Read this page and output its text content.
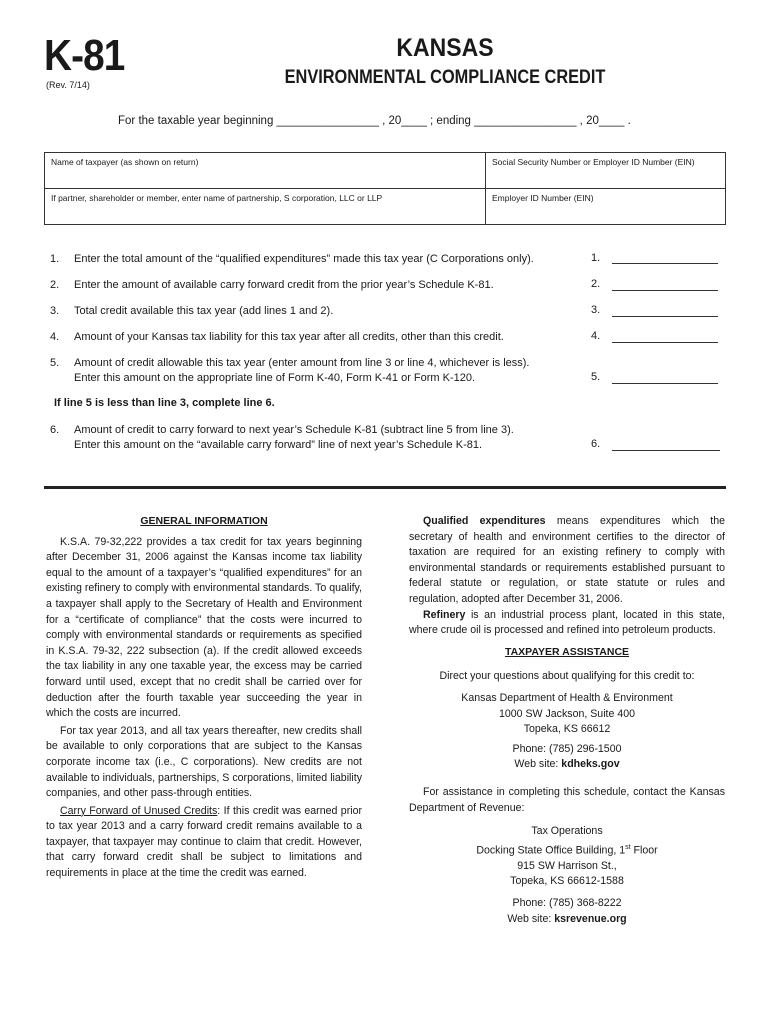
K-81
(Rev. 7/14)
KANSAS
ENVIRONMENTAL COMPLIANCE CREDIT
For the taxable year beginning ________________ , 20____ ; ending ________________ , 20____ .
Name of taxpayer (as shown on return)	Social Security Number or Employer ID Number (EIN)
If partner, shareholder or member, enter name of partnership, S corporation, LLC or LLP	Employer ID Number (EIN)
1. Enter the total amount of the “qualified expenditures” made this tax year (C Corporations only).	1.
2. Enter the amount of available carry forward credit from the prior year’s Schedule K-81.	2.
3. Total credit available this tax year (add lines 1 and 2).	3.
4. Amount of your Kansas tax liability for this tax year after all credits, other than this credit.	4.
5. Amount of credit allowable this tax year (enter amount from line 3 or line 4, whichever is less).
Enter this amount on the appropriate line of Form K-40, Form K-41 or Form K-120.	5.
If line 5 is less than line 3, complete line 6.
6. Amount of credit to carry forward to next year’s Schedule K-81 (subtract line 5 from line 3).
Enter this amount on the “available carry forward” line of next year’s Schedule K-81.	6.

GENERAL INFORMATION

K.S.A. 79-32,222 provides a tax credit for tax years beginning after December 31, 2006 against the Kansas income tax liability equal to the amount of a taxpayer’s “qualified expenditures” for an existing refinery to comply with environmental standards. To qualify, a taxpayer shall apply to the Secretary of Health and Environment for a “certificate of compliance” that the costs were incurred to comply with environmental standards or requirements as specified in K.S.A. 79-32, 222 subsection (a). If the credit allowed exceeds the tax liability in any one taxable year, the excess may be carried forward until used, except that no credit shall be carried over for deduction after the fourth taxable year succeeding the year in which the costs are incurred.

For tax year 2013, and all tax years thereafter, new credits shall be available to only corporations that are subject to the Kansas corporate income tax (i.e., C corporations). New credits are not available to individuals, partnerships, S corporations, limited liability companies, and other pass-through entities.

Carry Forward of Unused Credits: If this credit was earned prior to tax year 2013 and a carry forward credit remains available to a taxpayer, that taxpayer may continue to claim that credit. However, that carry forward credit shall be subject to limitations and requirements in place at the time the credit was earned.

Qualified expenditures means expenditures which the secretary of health and environment certifies to the director of taxation are required for an existing refinery to comply with environmental standards or requirements established pursuant to federal statute or regulation, or state statute or rules and regulation, adopted after December 31, 2006.

Refinery is an industrial process plant, located in this state, where crude oil is processed and refined into petroleum products.

TAXPAYER ASSISTANCE

Direct your questions about qualifying for this credit to:

Kansas Department of Health & Environment

1000 SW Jackson, Suite 400

Topeka, KS 66612

Phone: (785) 296-1500

Web site: kdheks.gov

For assistance in completing this schedule, contact the Kansas Department of Revenue:

Tax Operations

Docking State Office Building, 1st Floor

915 SW Harrison St.,

Topeka, KS 66612-1588

Phone: (785) 368-8222

Web site: ksrevenue.org
